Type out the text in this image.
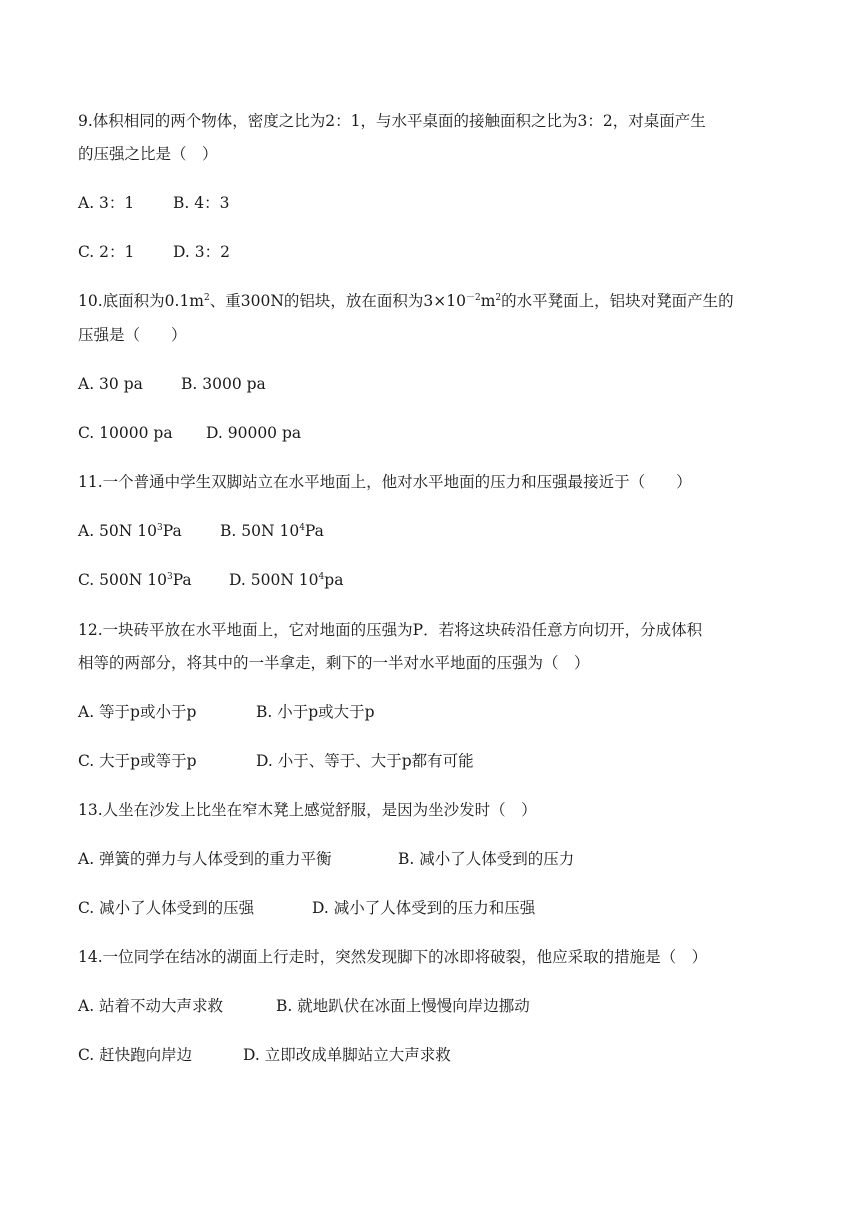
9.体积相同的两个物体，密度之比为2：1，与水平桌面的接触面积之比为3：2，对桌面产生
的压强之比是（　）
A. 3：1 B. 4：3
C. 2：1 D. 3：2
10.底面积为$0.1m^2$、重300N的铝块，放在面积为$3\times 10^{-2}m^2$的水平凳面上，铝块对凳面产生的
压强是（　　）
A. 30 pa B. 3000 pa
C. 10000 pa D. 90000 pa
11.一个普通中学生双脚站立在水平地面上，他对水平地面的压力和压强最接近于（　　）
A. 50N $10^3Pa$ B. 50N $10^4Pa$
C. 500N $10^3Pa$ D. 500N $10^4pa$
12.一块砖平放在水平地面上，它对地面的压强为P．若将这块砖沿任意方向切开，分成体积
相等的两部分，将其中的一半拿走，剩下的一半对水平地面的压强为（　）
A. 等于p或小于p	B. 小于p或大于p
C. 大于p或等于p	D. 小于、等于、大于p都有可能
13.人坐在沙发上比坐在窄木凳上感觉舒服，是因为坐沙发时（　）
A. 弹簧的弹力与人体受到的重力平衡	B. 减小了人体受到的压力
C. 减小了人体受到的压强	D. 减小了人体受到的压力和压强
14.一位同学在结冰的湖面上行走时，突然发现脚下的冰即将破裂，他应采取的措施是（　）
A. 站着不动大声求救	B. 就地趴伏在冰面上慢慢向岸边挪动
C. 赶快跑向岸边	D. 立即改成单脚站立大声求救
